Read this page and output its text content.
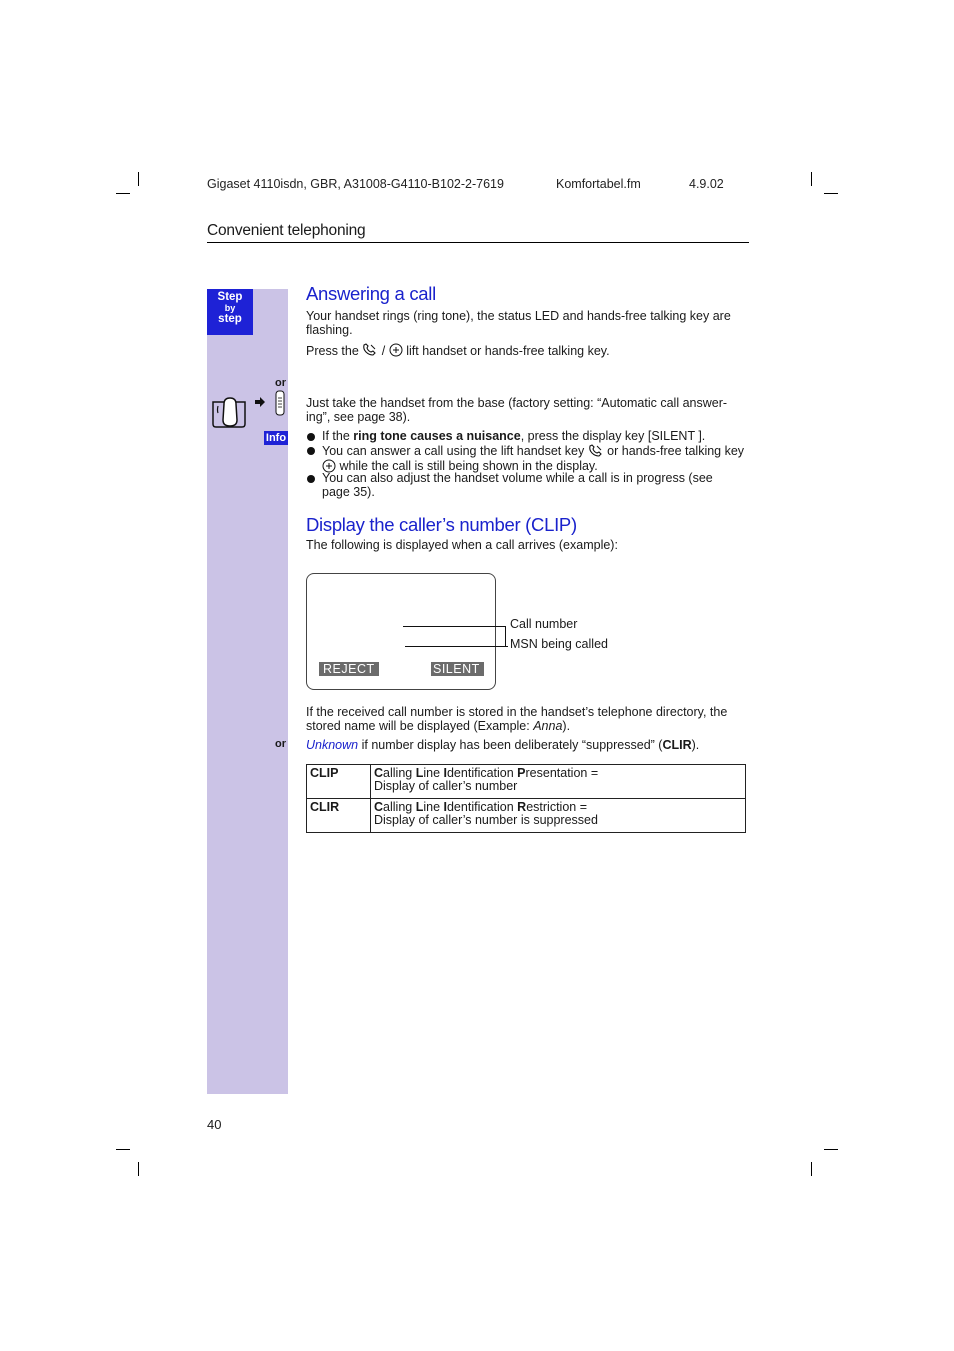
Gigaset 4110isdn, GBR, A31008-G4110-B102-2-7619	Komfortabel.fm	4.9.02
Convenient telephoning
Step
by
step
or
Info
or
Answering a call
Your handset rings (ring tone), the status LED and hands-free talking key are
flashing.
Press the / lift handset or hands-free talking key.
Just take the handset from the base (factory setting: “Automatic call answer-
ing”, see page 38).
If the ring tone causes a nuisance, press the display key [SILENT ].
You can answer a call using the lift handset key or hands-free talking key
while the call is still being shown in the display.
You can also adjust the handset volume while a call is in progress (see
page 35).
Display the caller’s number (CLIP)
The following is displayed when a call arrives (example):
REJECT	SILENT
Call number
MSN being called
If the received call number is stored in the handset’s telephone directory, the
stored name will be displayed (Example: Anna).
Unknown if number display has been deliberately “suppressed” (CLIR).
CLIP	Calling Line Identification Presentation =
Display of caller’s number

CLIR	Calling Line Identification Restriction =
Display of caller’s number is suppressed
40
